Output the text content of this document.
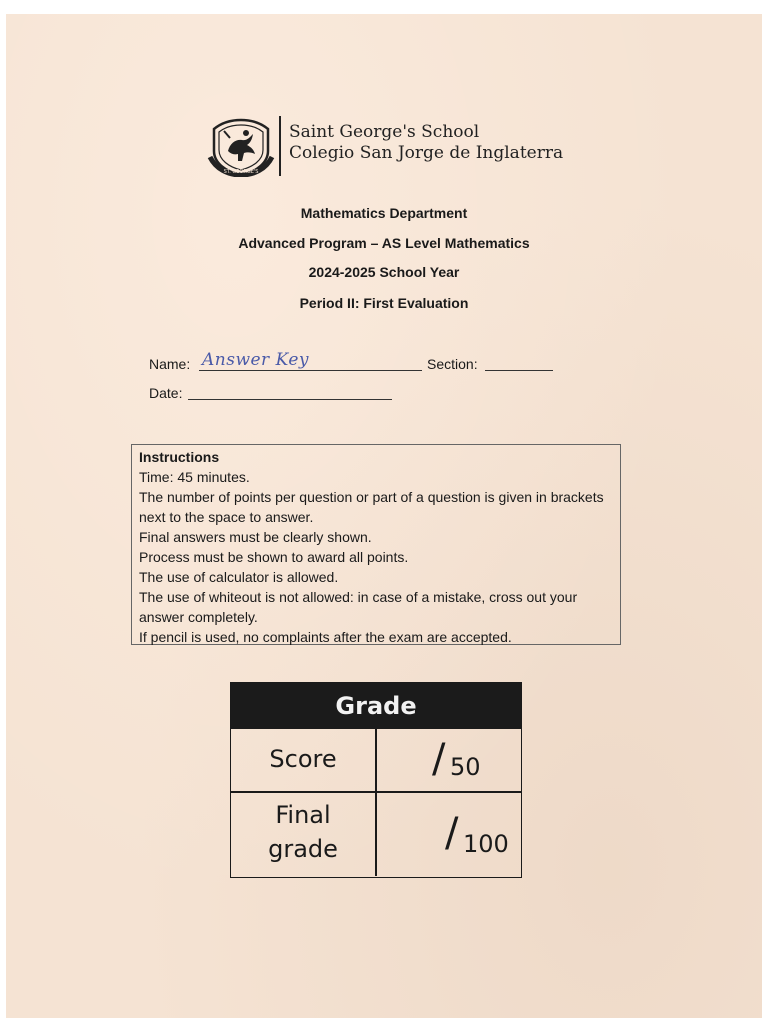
ST. GEORGE'S
Saint George's School
Colegio San Jorge de Inglaterra
Mathematics Department
Advanced Program – AS Level Mathematics
2024-2025 School Year
Period II: First Evaluation
Name: Answer Key	Section:
Date:
Instructions
Time: 45 minutes.
The number of points per question or part of a question is given in brackets next to the space to answer.
Final answers must be clearly shown.
Process must be shown to award all points.
The use of calculator is allowed.
The use of whiteout is not allowed: in case of a mistake, cross out your answer completely.
If pencil is used, no complaints after the exam are accepted.
Grade
Score	/ 50
Final
grade	/ 100
